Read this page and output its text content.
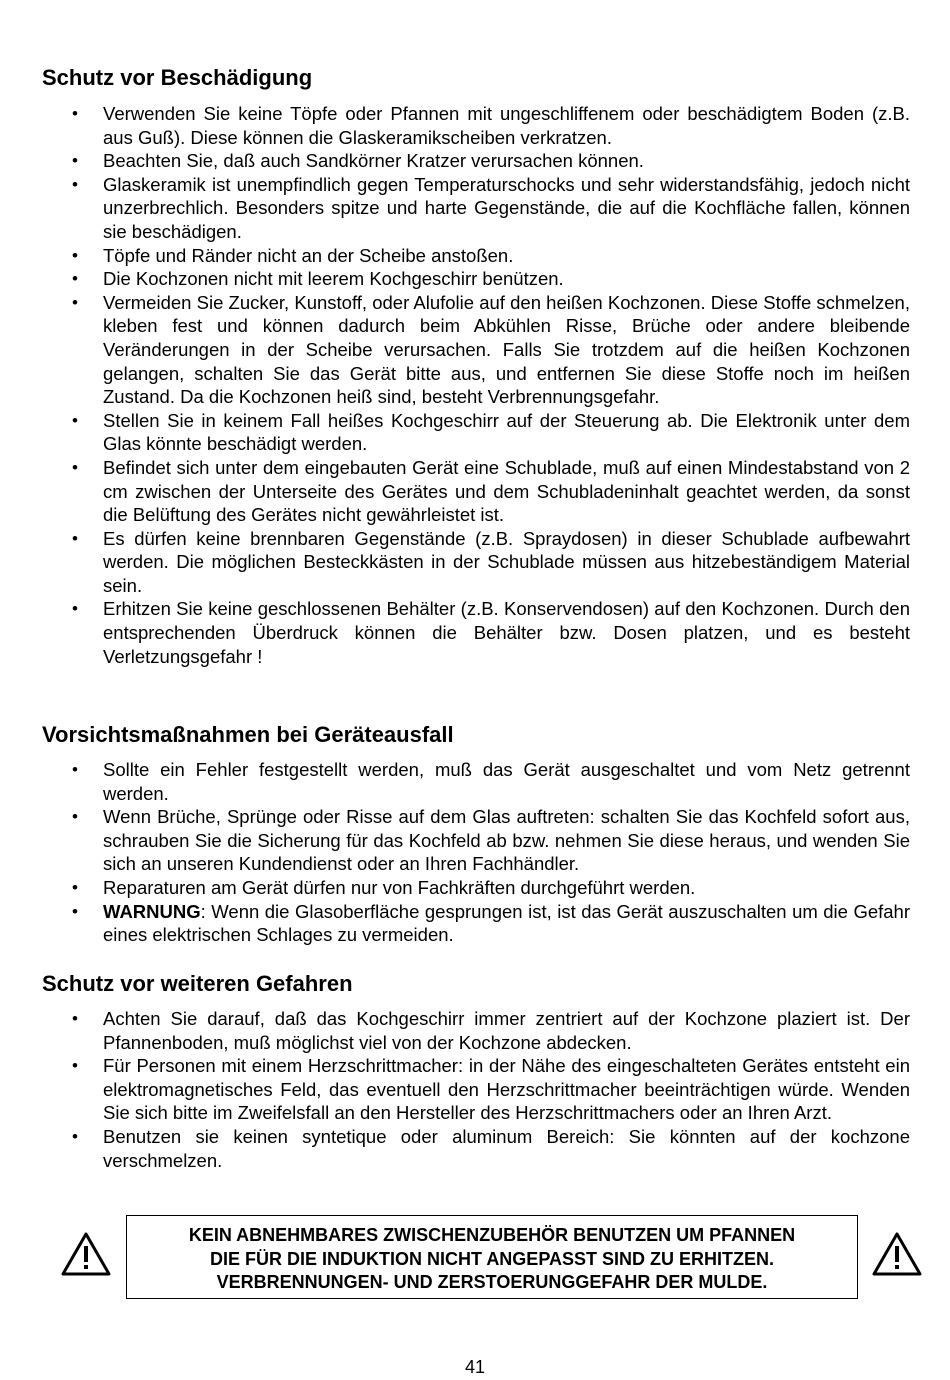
Schutz vor Beschädigung
• Verwenden Sie keine Töpfe oder Pfannen mit ungeschliffenem oder beschädigtem Boden (z.B. aus Guß). Diese können die Glaskeramikscheiben verkratzen.
• Beachten Sie, daß auch Sandkörner Kratzer verursachen können.
• Glaskeramik ist unempfindlich gegen Temperaturschocks und sehr widerstandsfähig, jedoch nicht unzerbrechlich. Besonders spitze und harte Gegenstände, die auf die Kochfläche fallen, können sie beschädigen.
• Töpfe und Ränder nicht an der Scheibe anstoßen.
• Die Kochzonen nicht mit leerem Kochgeschirr benützen.
• Vermeiden Sie Zucker, Kunstoff, oder Alufolie auf den heißen Kochzonen. Diese Stoffe schmelzen, kleben fest und können dadurch beim Abkühlen Risse, Brüche oder andere bleibende Veränderungen in der Scheibe verursachen. Falls Sie trotzdem auf die heißen Kochzonen gelangen, schalten Sie das Gerät bitte aus, und entfernen Sie diese Stoffe noch im heißen Zustand. Da die Kochzonen heiß sind, besteht Verbrennungsgefahr.
• Stellen Sie in keinem Fall heißes Kochgeschirr auf der Steuerung ab. Die Elektronik unter dem Glas könnte beschädigt werden.
• Befindet sich unter dem eingebauten Gerät eine Schublade, muß auf einen Mindestabstand von 2 cm zwischen der Unterseite des Gerätes und dem Schubladeninhalt geachtet werden, da sonst die Belüftung des Gerätes nicht gewährleistet ist.
• Es dürfen keine brennbaren Gegenstände (z.B. Spraydosen) in dieser Schublade aufbewahrt werden. Die möglichen Besteckkästen in der Schublade müssen aus hitzebeständigem Material sein.
• Erhitzen Sie keine geschlossenen Behälter (z.B. Konservendosen) auf den Kochzonen. Durch den entsprechenden Überdruck können die Behälter bzw. Dosen platzen, und es besteht Verletzungsgefahr !
Vorsichtsmaßnahmen bei Geräteausfall
• Sollte ein Fehler festgestellt werden, muß das Gerät ausgeschaltet und vom Netz getrennt werden.
• Wenn Brüche, Sprünge oder Risse auf dem Glas auftreten: schalten Sie das Kochfeld sofort aus, schrauben Sie die Sicherung für das Kochfeld ab bzw. nehmen Sie diese heraus, und wenden Sie sich an unseren Kundendienst oder an Ihren Fachhändler.
• Reparaturen am Gerät dürfen nur von Fachkräften durchgeführt werden.
• WARNUNG: Wenn die Glasoberfläche gesprungen ist, ist das Gerät auszuschalten um die Gefahr eines elektrischen Schlages zu vermeiden.
Schutz vor weiteren Gefahren
• Achten Sie darauf, daß das Kochgeschirr immer zentriert auf der Kochzone plaziert ist. Der Pfannenboden, muß möglichst viel von der Kochzone abdecken.
• Für Personen mit einem Herzschrittmacher: in der Nähe des eingeschalteten Gerätes entsteht ein elektromagnetisches Feld, das eventuell den Herzschrittmacher beeinträchtigen würde. Wenden Sie sich bitte im Zweifelsfall an den Hersteller des Herzschrittmachers oder an Ihren Arzt.
• Benutzen sie keinen syntetique oder aluminum Bereich: Sie könnten auf der kochzone verschmelzen.
KEIN ABNEHMBARES ZWISCHENZUBEHÖR BENUTZEN UM PFANNEN
DIE FÜR DIE INDUKTION NICHT ANGEPASST SIND ZU ERHITZEN.
VERBRENNUNGEN- UND ZERSTOERUNGGEFAHR DER MULDE.
41
